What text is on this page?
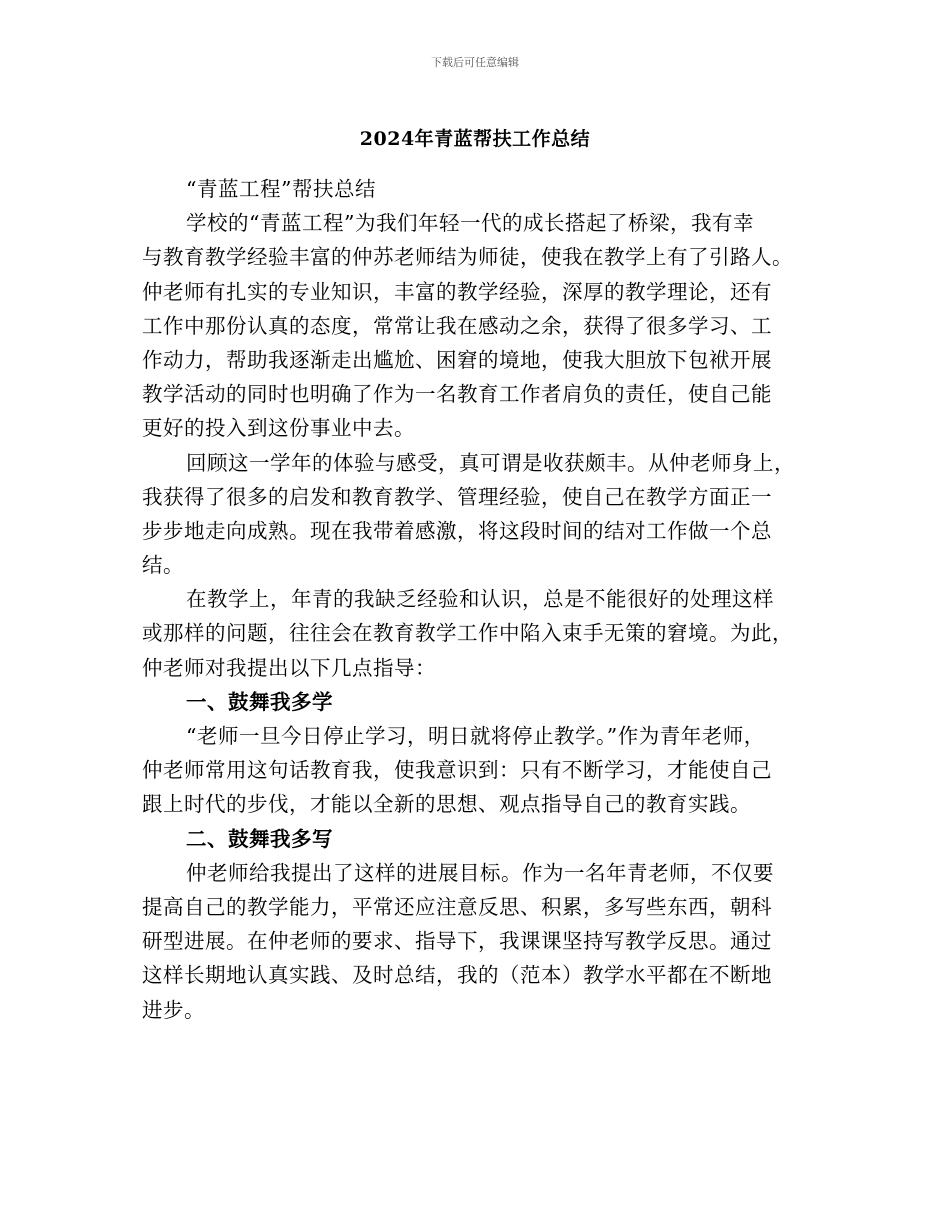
下载后可任意编辑
2024年青蓝帮扶工作总结
“青蓝工程”帮扶总结
学校的“青蓝工程”为我们年轻一代的成长搭起了桥梁，我有幸
与教育教学经验丰富的仲苏老师结为师徒，使我在教学上有了引路人。
仲老师有扎实的专业知识，丰富的教学经验，深厚的教学理论，还有
工作中那份认真的态度，常常让我在感动之余，获得了很多学习、工
作动力，帮助我逐渐走出尴尬、困窘的境地，使我大胆放下包袱开展
教学活动的同时也明确了作为一名教育工作者肩负的责任，使自己能
更好的投入到这份事业中去。
回顾这一学年的体验与感受，真可谓是收获颇丰。从仲老师身上，
我获得了很多的启发和教育教学、管理经验，使自己在教学方面正一
步步地走向成熟。现在我带着感激，将这段时间的结对工作做一个总
结。
在教学上，年青的我缺乏经验和认识，总是不能很好的处理这样
或那样的问题，往往会在教育教学工作中陷入束手无策的窘境。为此，
仲老师对我提出以下几点指导：
一、鼓舞我多学
“老师一旦今日停止学习，明日就将停止教学。”作为青年老师，
仲老师常用这句话教育我，使我意识到：只有不断学习，才能使自己
跟上时代的步伐，才能以全新的思想、观点指导自己的教育实践。
二、鼓舞我多写
仲老师给我提出了这样的进展目标。作为一名年青老师，不仅要
提高自己的教学能力，平常还应注意反思、积累，多写些东西，朝科
研型进展。在仲老师的要求、指导下，我课课坚持写教学反思。通过
这样长期地认真实践、及时总结，我的（范本）教学水平都在不断地
进步。
